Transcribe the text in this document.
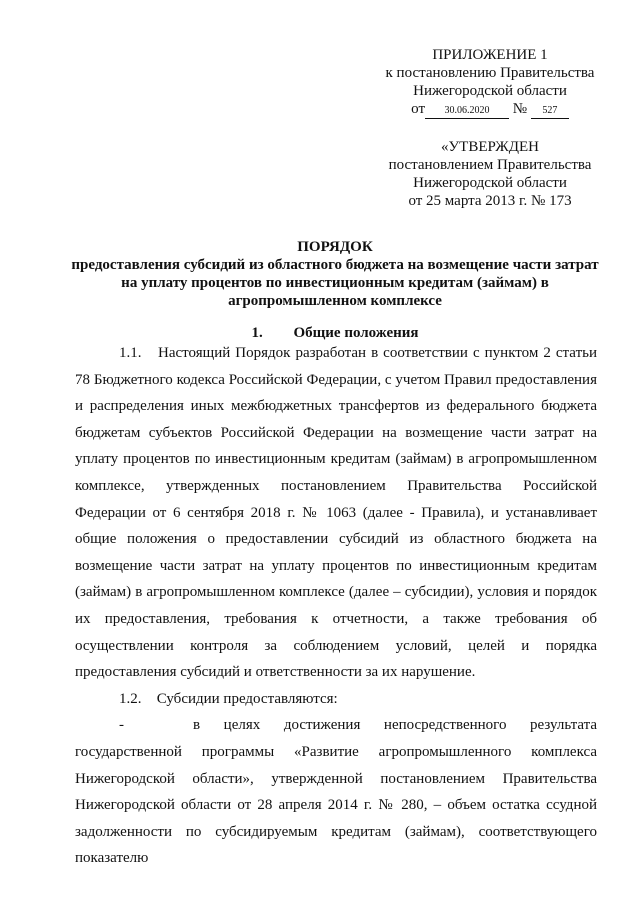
ПРИЛОЖЕНИЕ 1
к постановлению Правительства
Нижегородской области
от 30.06.2020 № 527
«УТВЕРЖДЕН
постановлением Правительства
Нижегородской области
от 25 марта 2013 г. № 173
ПОРЯДОК
предоставления субсидий из областного бюджета на возмещение части затрат на уплату процентов по инвестиционным кредитам (займам) в агропромышленном комплексе
1. Общие положения

1.1. Настоящий Порядок разработан в соответствии с пунктом 2 статьи 78 Бюджетного кодекса Российской Федерации, с учетом Правил предоставления и распределения иных межбюджетных трансфертов из федерального бюджета бюджетам субъектов Российской Федерации на возмещение части затрат на уплату процентов по инвестиционным кредитам (займам) в агропромышленном комплексе, утвержденных постановлением Правительства Российской Федерации от 6 сентября 2018 г. № 1063 (далее - Правила), и устанавливает общие положения о предоставлении субсидий из областного бюджета на возмещение части затрат на уплату процентов по инвестиционным кредитам (займам) в агропромышленном комплексе (далее – субсидии), условия и порядок их предоставления, требования к отчетности, а также требования об осуществлении контроля за соблюдением условий, целей и порядка предоставления субсидий и ответственности за их нарушение.

1.2. Субсидии предоставляются:

-	в целях достижения непосредственного результата государственной программы «Развитие агропромышленного комплекса Нижегородской области», утвержденной постановлением Правительства Нижегородской области от 28 апреля 2014 г. № 280, – объем остатка ссудной задолженности по субсидируемым кредитам (займам), соответствующего показателю
